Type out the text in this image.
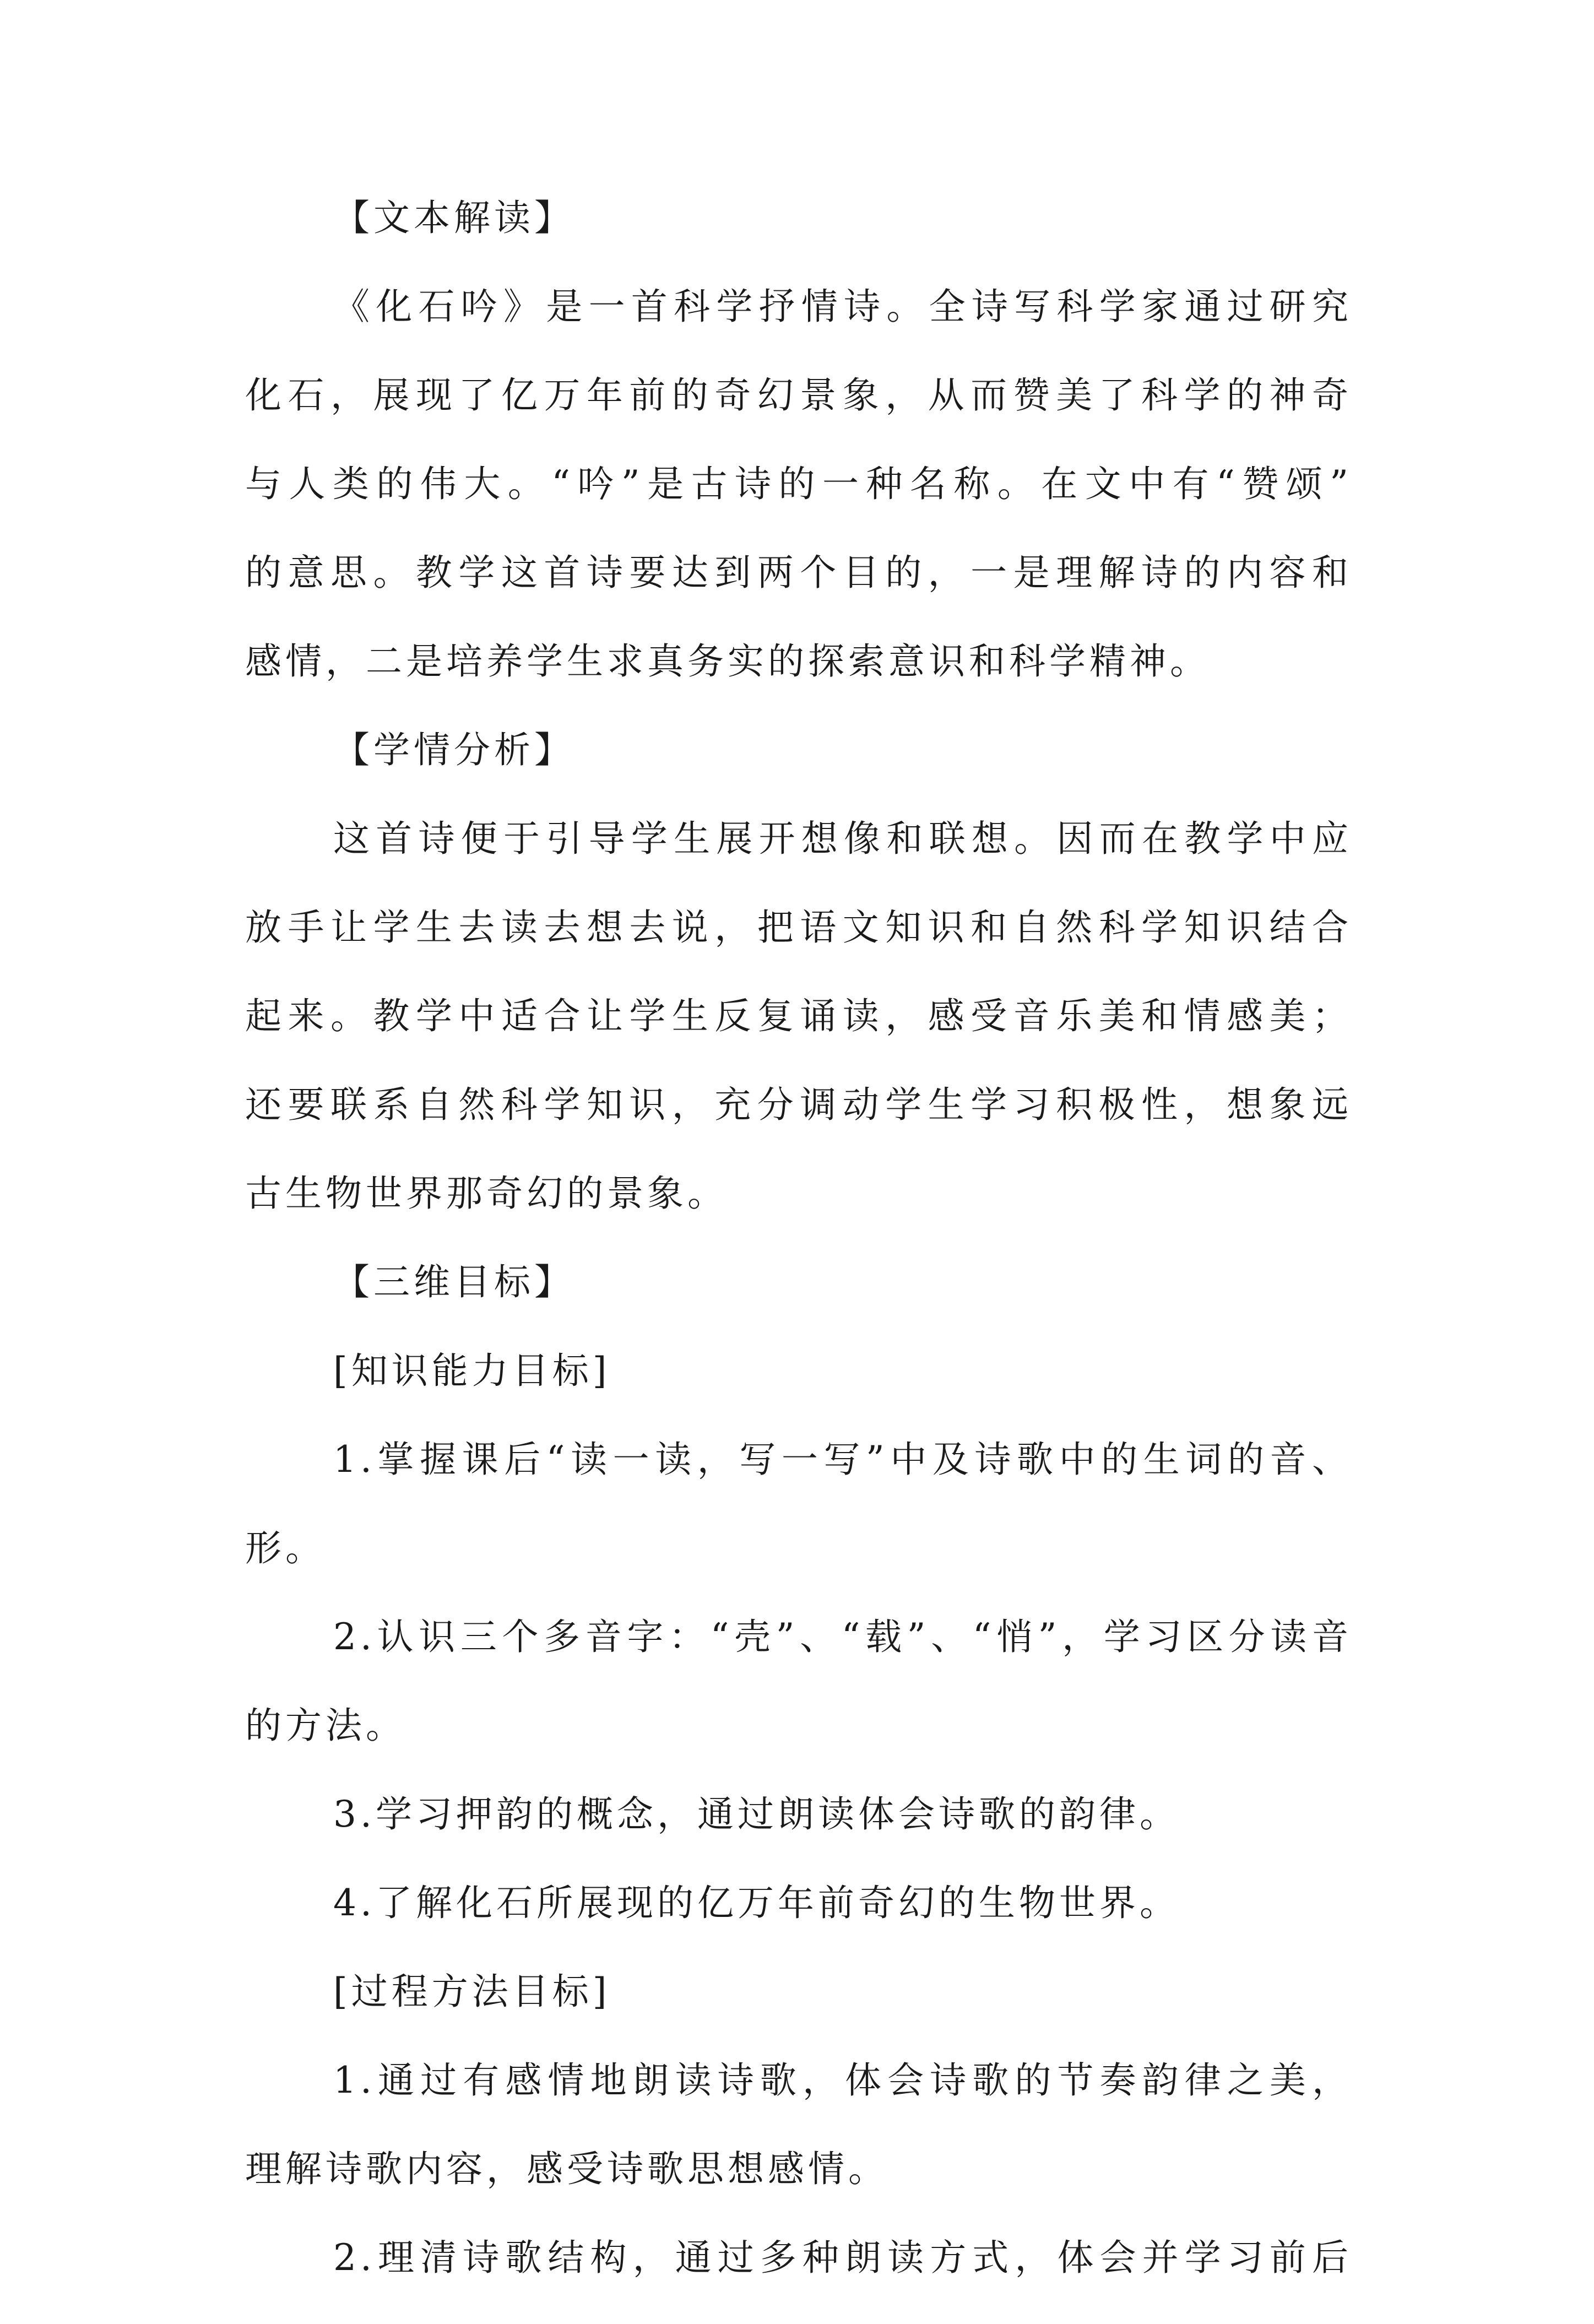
【文本解读】
《化石吟》是一首科学抒情诗。全诗写科学家通过研究
化石，展现了亿万年前的奇幻景象，从而赞美了科学的神奇
与人类的伟大。“吟”是古诗的一种名称。在文中有“赞颂”
的意思。教学这首诗要达到两个目的，一是理解诗的内容和
感情，二是培养学生求真务实的探索意识和科学精神。
【学情分析】
这首诗便于引导学生展开想像和联想。因而在教学中应
放手让学生去读去想去说，把语文知识和自然科学知识结合
起来。教学中适合让学生反复诵读，感受音乐美和情感美；
还要联系自然科学知识，充分调动学生学习积极性，想象远
古生物世界那奇幻的景象。
【三维目标】
[知识能力目标]
1.掌握课后“读一读，写一写”中及诗歌中的生词的音、
形。
2.认识三个多音字：“壳”、“载”、“悄”，学习区分读音
的方法。
3.学习押韵的概念，通过朗读体会诗歌的韵律。
4.了解化石所展现的亿万年前奇幻的生物世界。
[过程方法目标]
1.通过有感情地朗读诗歌，体会诗歌的节奏韵律之美，
理解诗歌内容，感受诗歌思想感情。
2.理清诗歌结构，通过多种朗读方式，体会并学习前后
